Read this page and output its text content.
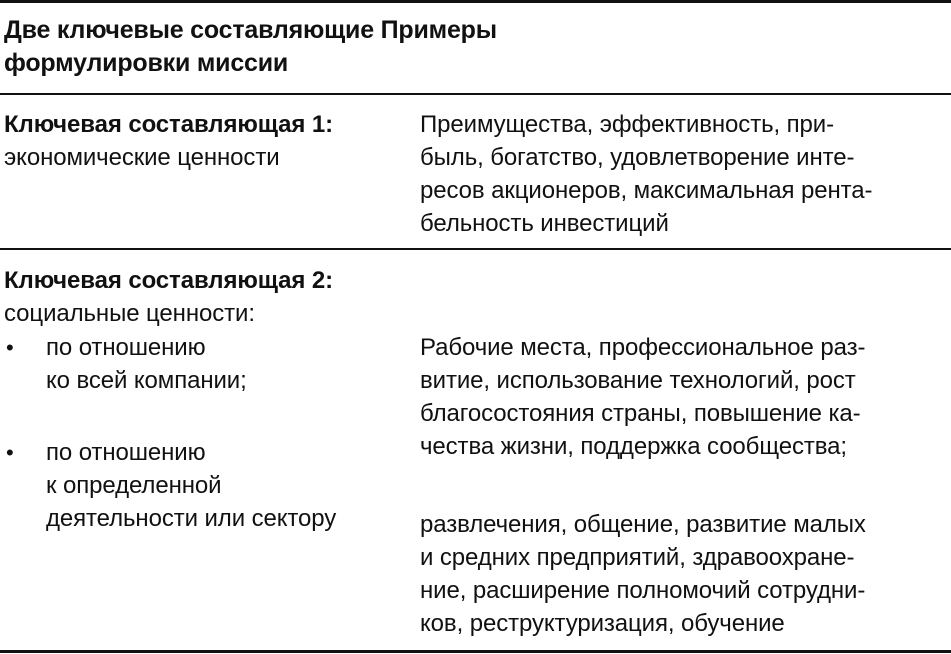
Две ключевые составляющие Примеры
формулировки миссии
Ключевая составляющая 1:
экономические ценности
Преимущества, эффективность, при-
быль, богатство, удовлетворение инте-
ресов акционеров, максимальная рента-
бельность инвестиций
Ключевая составляющая 2:
социальные ценности:
• по отношению
ко всей компании;
Рабочие места, профессиональное раз-
витие, использование технологий, рост
благосостояния страны, повышение ка-
чества жизни, поддержка сообщества;
• по отношению
к определенной
деятельности или сектору	развлечения, общение, развитие малых
и средних предприятий, здравоохране-
ние, расширение полномочий сотрудни-
ков, реструктуризация, обучение
